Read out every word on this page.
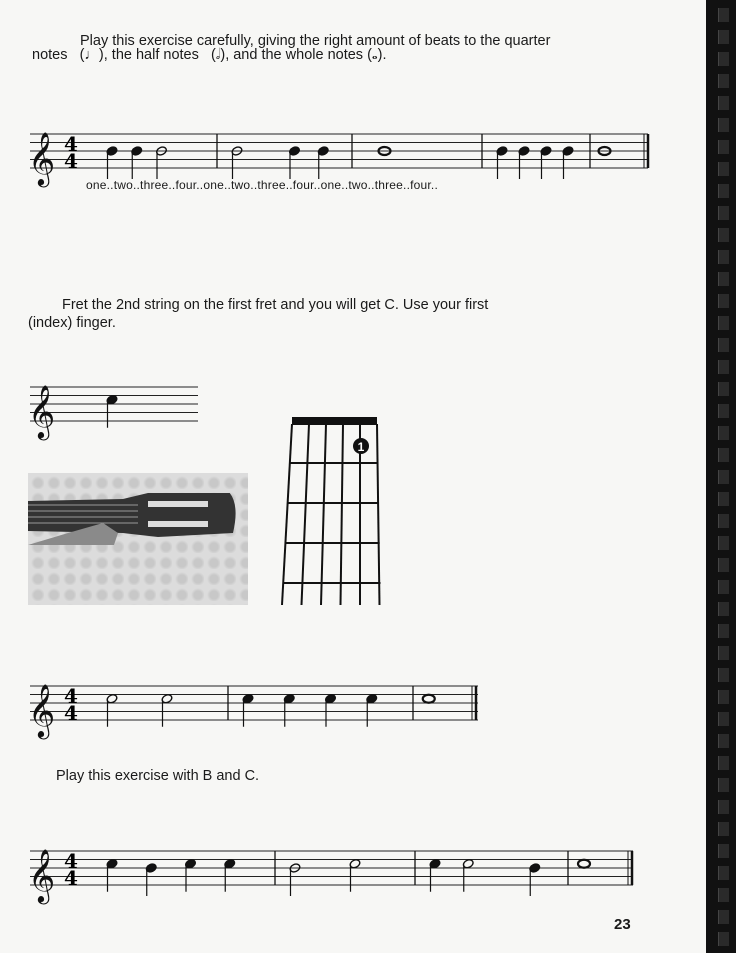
Play this exercise carefully, giving the right amount of beats to the quarter
notes   (♩), the half notes   (𝅗𝅥), and the whole notes (𝅝).
𝄞 4
4
one..two..three..four..one..two..three..four..one..two..three..four..
Fret the 2nd string on the first fret and you will get C. Use your first
(index) finger.
𝄞
1
𝄞 4
4
Play this exercise with B and C.
𝄞 4
4
23
